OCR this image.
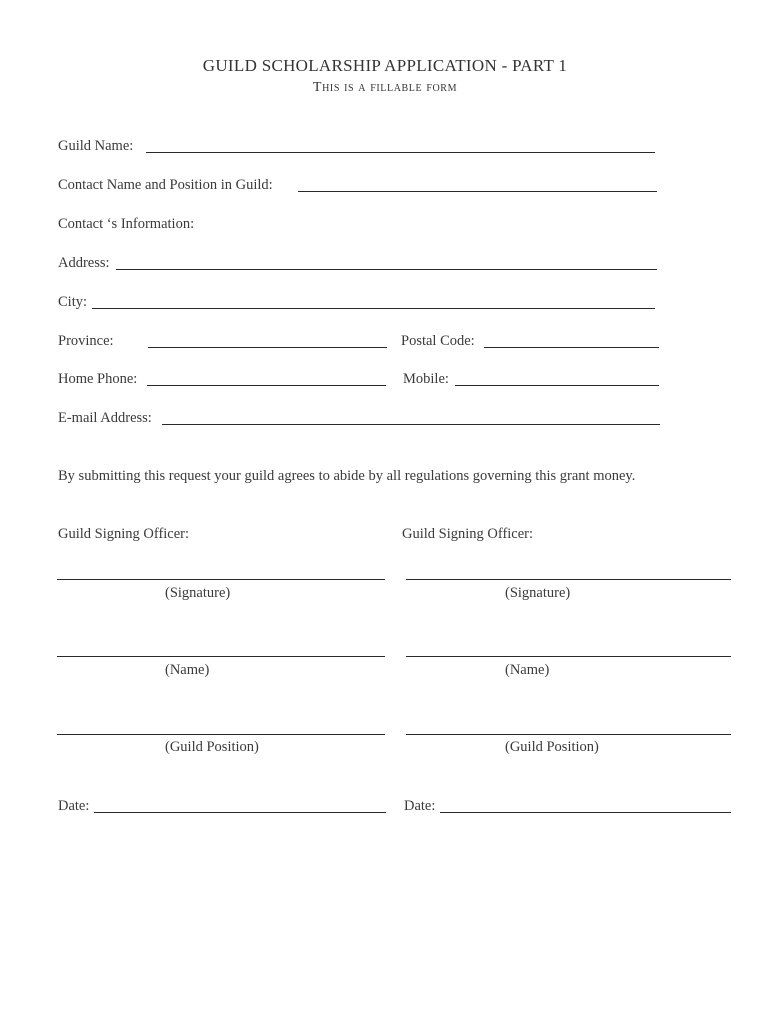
GUILD SCHOLARSHIP APPLICATION - PART 1
This is a fillable form
Guild Name:
Contact Name and Position in Guild:
Contact ‘s Information:
Address:
City:
Province:	Postal Code:
Home Phone:	Mobile:
E-mail Address:
By submitting this request your guild agrees to abide by all regulations governing this grant money.
Guild Signing Officer:
(Signature)
(Name)
(Guild Position)
Date:
Guild Signing Officer:
(Signature)
(Name)
(Guild Position)
Date:
